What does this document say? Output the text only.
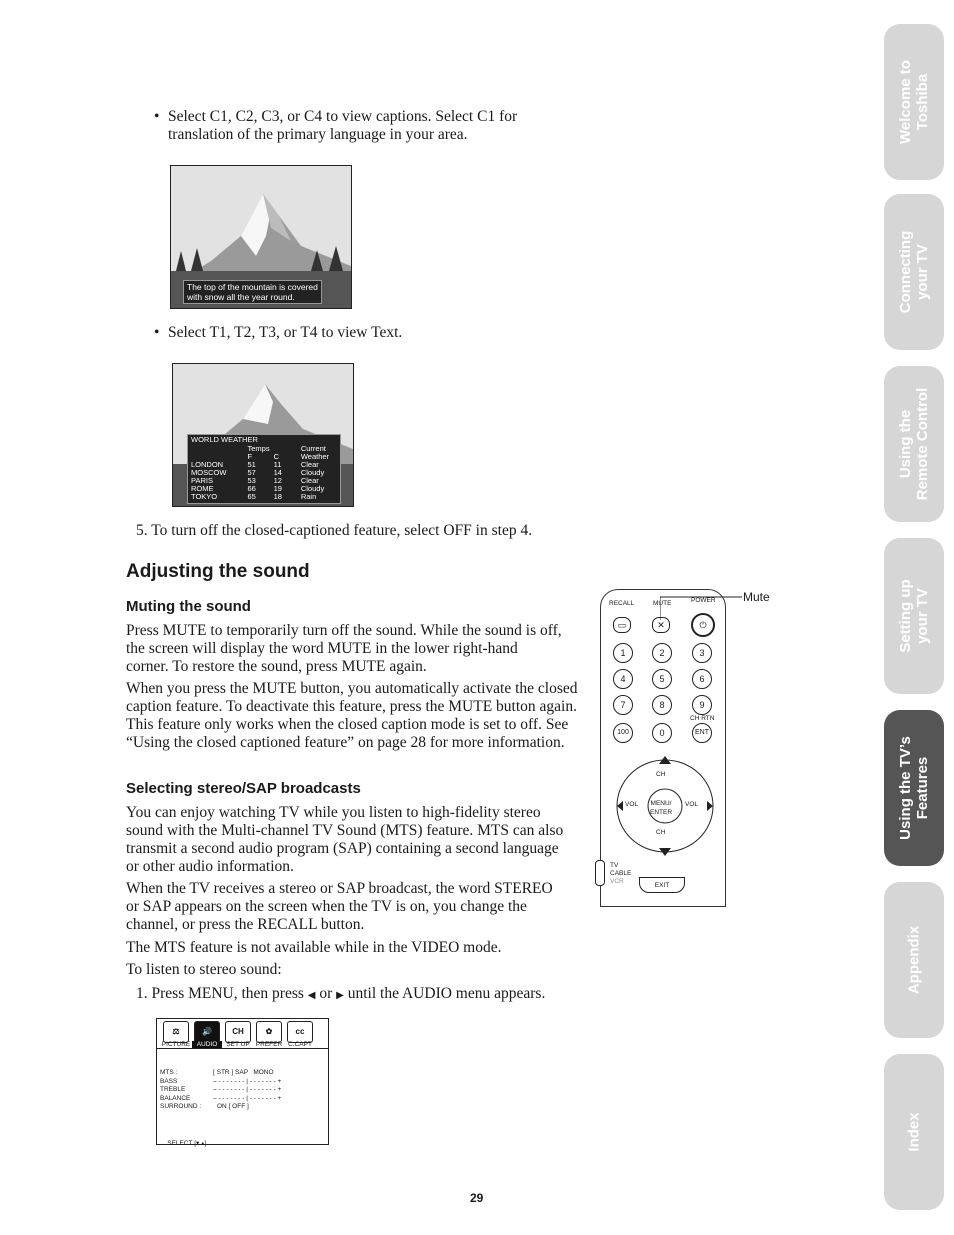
• Select C1, C2, C3, or C4 to view captions. Select C1 for translation of the primary language in your area.

The top of the mountain is covered
with snow all the year round.

• Select T1, T2, T3, or T4 to view Text.

WORLD WEATHER
	Temps		Current
	F	C	Weather
LONDON	51	11	Clear
MOSCOW	57	14	Cloudy
PARIS	53	12	Clear
ROME	66	19	Cloudy
TOKYO	65	18	Rain

5. To turn off the closed-captioned feature, select OFF in step 4.

Adjusting the sound
Muting the sound

Press MUTE to temporarily turn off the sound. While the sound is off, the screen will display the word MUTE in the lower right-hand corner. To restore the sound, press MUTE again.

When you press the MUTE button, you automatically activate the closed caption feature. To deactivate this feature, press the MUTE button again. This feature only works when the closed caption mode is set to off. See “Using the closed captioned feature” on page 28 for more information.

Selecting stereo/SAP broadcasts

You can enjoy watching TV while you listen to high-fidelity stereo sound with the Multi-channel TV Sound (MTS) feature. MTS can also transmit a second audio program (SAP) containing a second language or other audio information.

When the TV receives a stereo or SAP broadcast, the word STEREO or SAP appears on the screen when the TV is on, you change the channel, or press the RECALL button.

The MTS feature is not available while in the VIDEO mode.

To listen to stereo sound:

1. Press MENU, then press ◀ or ▶ until the AUDIO menu appears.

⚖
PICTURE
🔊
AUDIO
CH
SET UP
✿
PREFER
cc
C.CAPT
MTS :	[ STR ] SAP   MONO
BASS	– - - - - - - - | - - - - - - - +
TREBLE	– - - - - - - - | - - - - - - - +
BALANCE	– - - - - - - - | - - - - - - - +
SURROUND : ON [ OFF ]

SELECT [▾ ▴]

RECALL	MUTE	POWER
▭	✕	⏻
1	2	3
4	5	6
7	8	9
100	0	ENT
CH RTN
CH
CH
VOL	VOL
MENU/
ENTER
TV
CABLE
VCR
EXIT
Mute
29
Welcome to
Toshiba
Connecting
your TV
Using the
Remote Control
Setting up
your TV
Using the TV’s
Features
Appendix
Index
